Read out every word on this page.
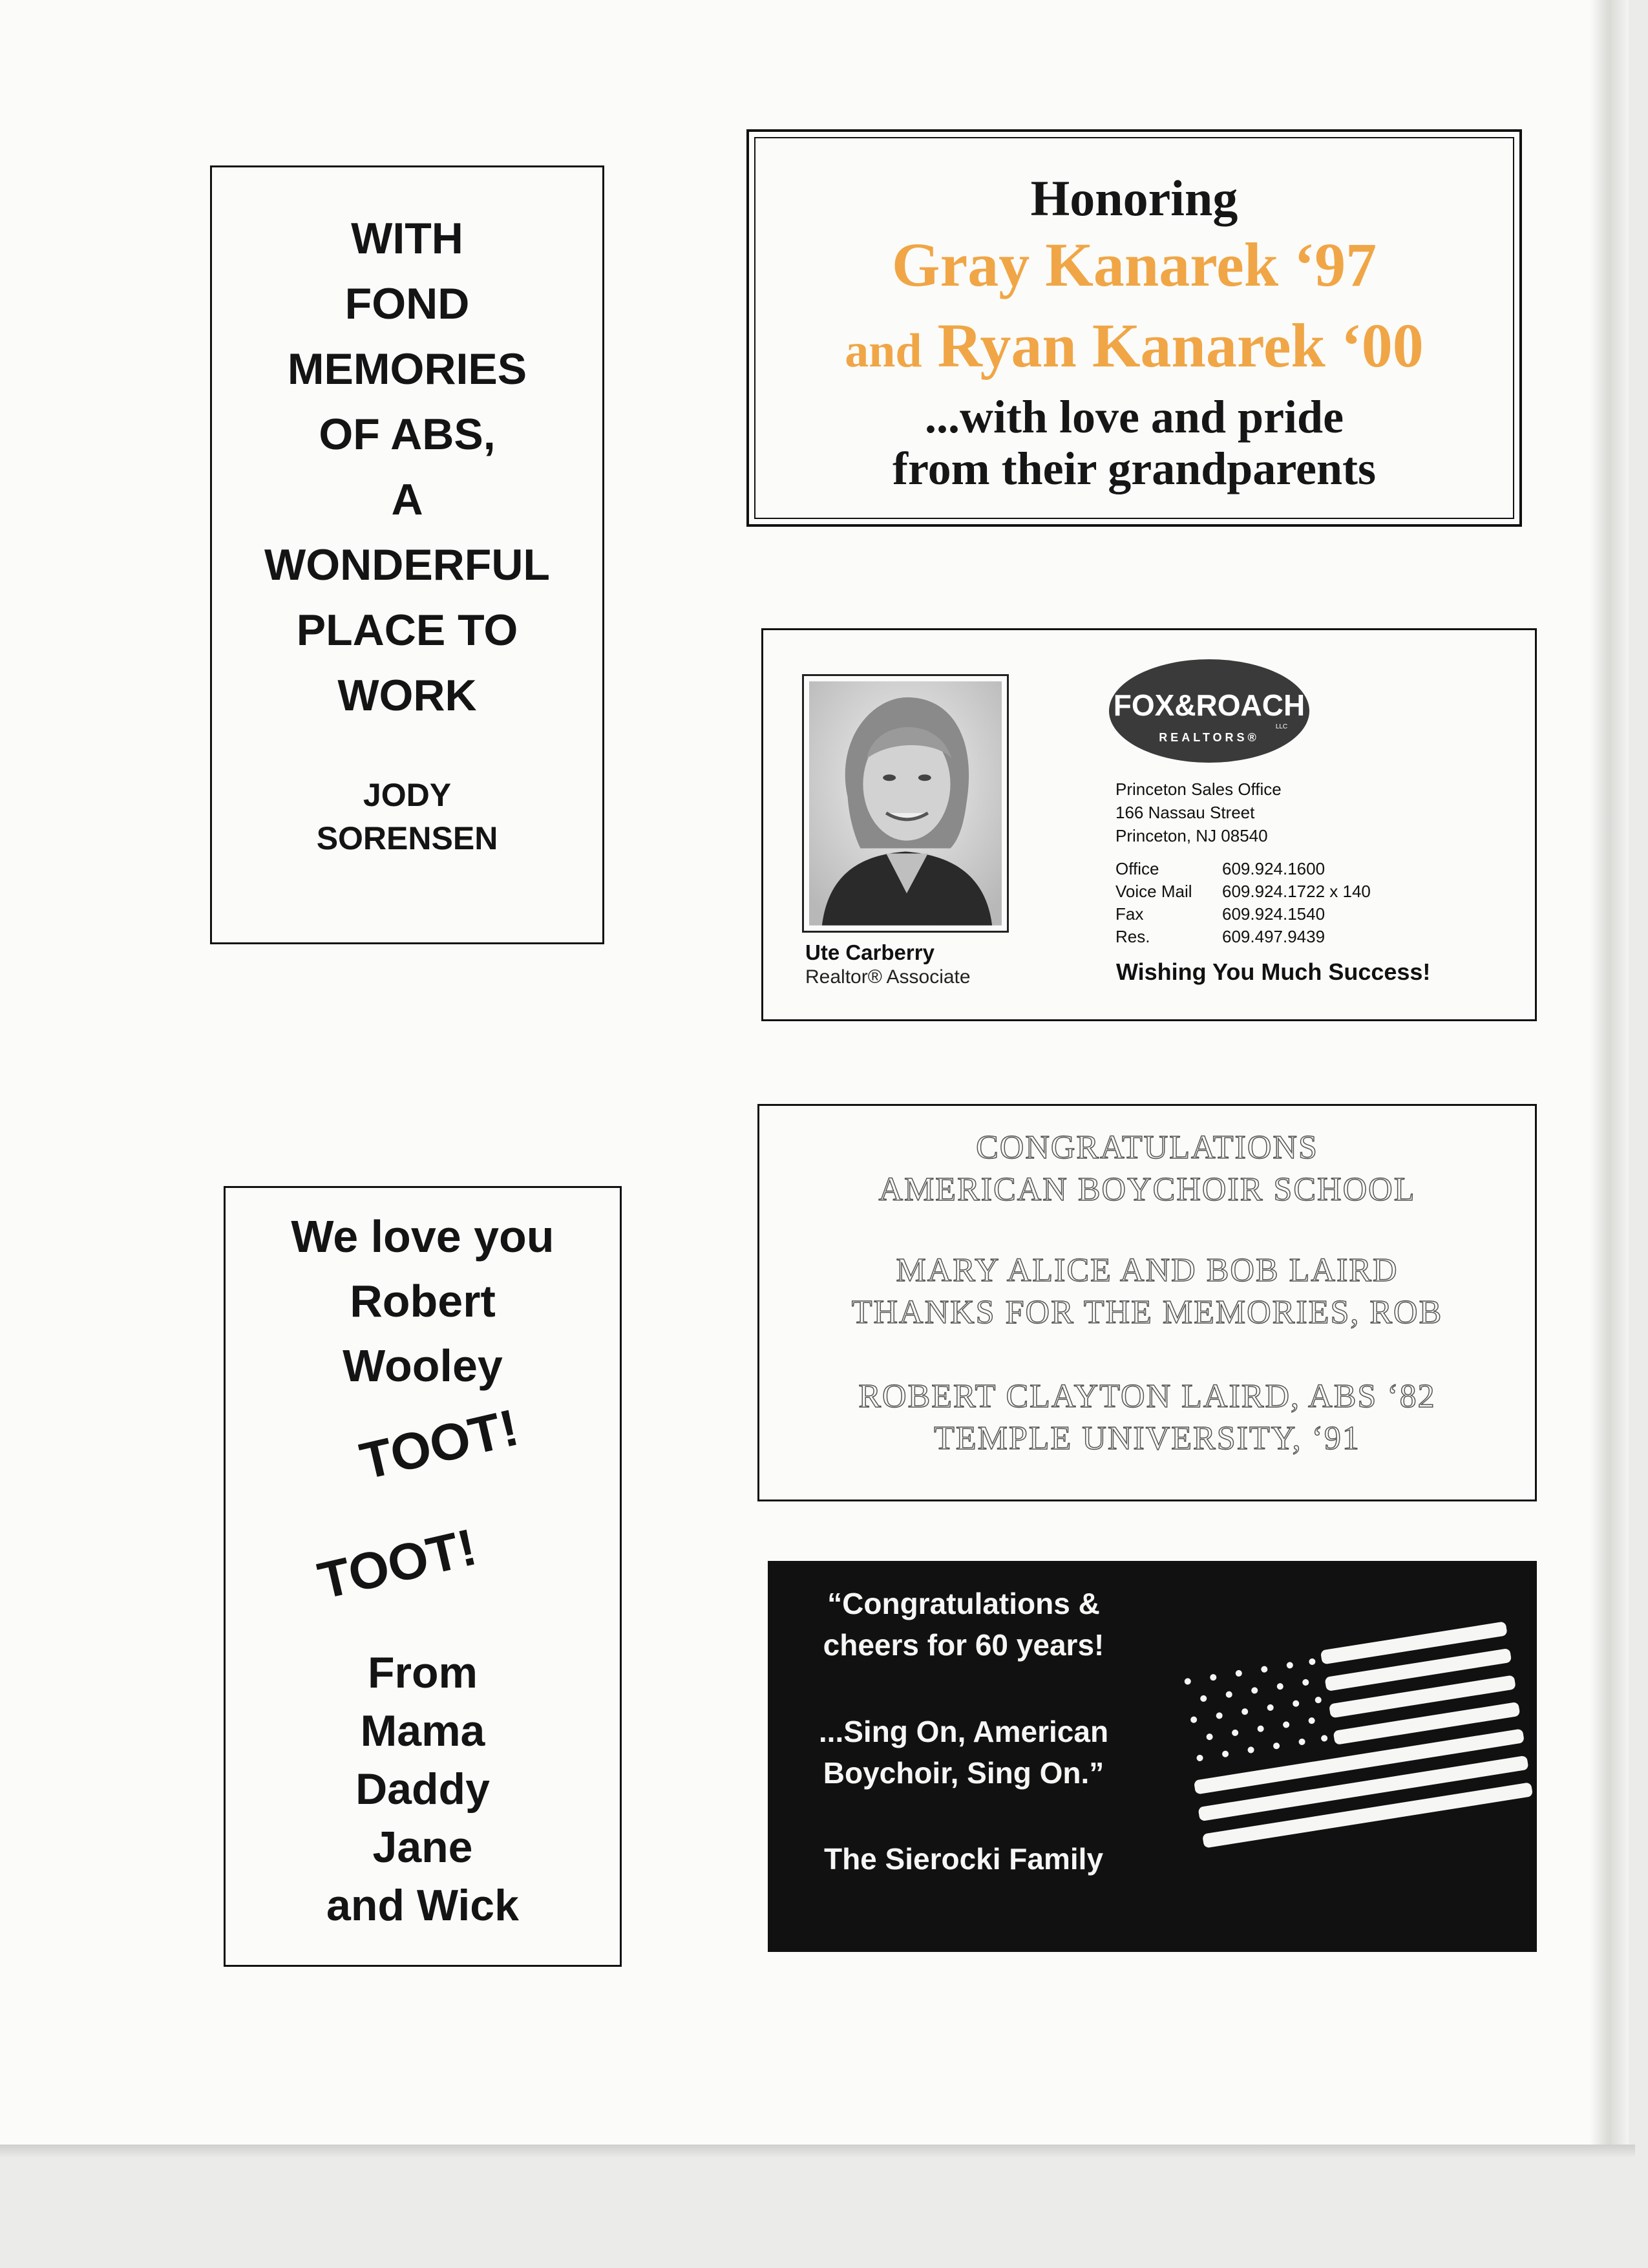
WITH
FOND
MEMORIES
OF ABS,
A
WONDERFUL
PLACE TO
WORK
JODY
SORENSEN
Honoring
Gray Kanarek ‘97
and Ryan Kanarek ‘00
...with love and pride
from their grandparents
Ute Carberry
Realtor® Associate
FOX&ROACH
LLC
REALTORS®
Princeton Sales Office
166 Nassau Street
Princeton, NJ 08540
Office	609.924.1600
Voice Mail 609.924.1722 x 140
Fax	609.924.1540
Res.	609.497.9439
Wishing You Much Success!
CONGRATULATIONS
AMERICAN BOYCHOIR SCHOOL
MARY ALICE AND BOB LAIRD
THANKS FOR THE MEMORIES, ROB
ROBERT CLAYTON LAIRD, ABS ‘82
TEMPLE UNIVERSITY, ‘91
We love you
Robert
Wooley
TOOT!
TOOT!
From
Mama
Daddy
Jane
and Wick
“Congratulations &
cheers for 60 years!
...Sing On, American
Boychoir, Sing On.”
The Sierocki Family
